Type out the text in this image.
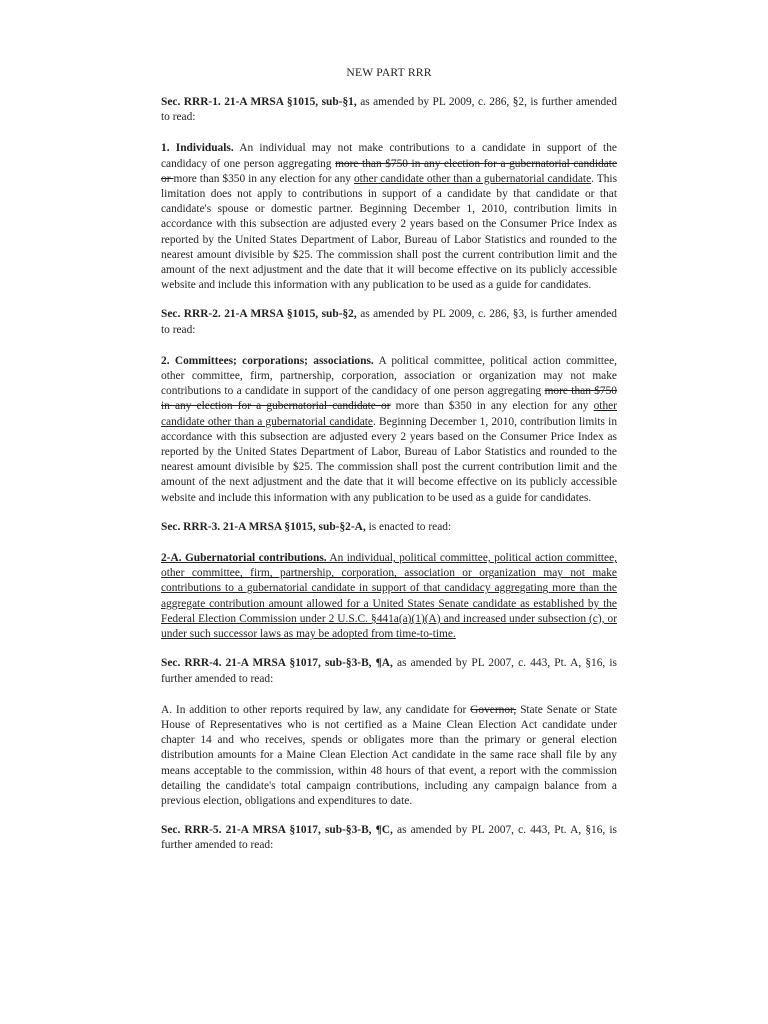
NEW PART RRR
Sec. RRR-1. 21-A MRSA §1015, sub-§1, as amended by PL 2009, c. 286, §2, is further amended to read:
1. Individuals. An individual may not make contributions to a candidate in support of the candidacy of one person aggregating more than $750 in any election for a gubernatorial candidate or more than $350 in any election for any other candidate other than a gubernatorial candidate. This limitation does not apply to contributions in support of a candidate by that candidate or that candidate's spouse or domestic partner. Beginning December 1, 2010, contribution limits in accordance with this subsection are adjusted every 2 years based on the Consumer Price Index as reported by the United States Department of Labor, Bureau of Labor Statistics and rounded to the nearest amount divisible by $25. The commission shall post the current contribution limit and the amount of the next adjustment and the date that it will become effective on its publicly accessible website and include this information with any publication to be used as a guide for candidates.
Sec. RRR-2. 21-A MRSA §1015, sub-§2, as amended by PL 2009, c. 286, §3, is further amended to read:
2. Committees; corporations; associations. A political committee, political action committee, other committee, firm, partnership, corporation, association or organization may not make contributions to a candidate in support of the candidacy of one person aggregating more than $750 in any election for a gubernatorial candidate or more than $350 in any election for any other candidate other than a gubernatorial candidate. Beginning December 1, 2010, contribution limits in accordance with this subsection are adjusted every 2 years based on the Consumer Price Index as reported by the United States Department of Labor, Bureau of Labor Statistics and rounded to the nearest amount divisible by $25. The commission shall post the current contribution limit and the amount of the next adjustment and the date that it will become effective on its publicly accessible website and include this information with any publication to be used as a guide for candidates.
Sec. RRR-3. 21-A MRSA §1015, sub-§2-A, is enacted to read:
2-A. Gubernatorial contributions. An individual, political committee, political action committee, other committee, firm, partnership, corporation, association or organization may not make contributions to a gubernatorial candidate in support of that candidacy aggregating more than the aggregate contribution amount allowed for a United States Senate candidate as established by the Federal Election Commission under 2 U.S.C. §441a(a)(1)(A) and increased under subsection (c), or under such successor laws as may be adopted from time-to-time.
Sec. RRR-4. 21-A MRSA §1017, sub-§3-B, ¶A, as amended by PL 2007, c. 443, Pt. A, §16, is further amended to read:
A. In addition to other reports required by law, any candidate for Governor, State Senate or State House of Representatives who is not certified as a Maine Clean Election Act candidate under chapter 14 and who receives, spends or obligates more than the primary or general election distribution amounts for a Maine Clean Election Act candidate in the same race shall file by any means acceptable to the commission, within 48 hours of that event, a report with the commission detailing the candidate's total campaign contributions, including any campaign balance from a previous election, obligations and expenditures to date.
Sec. RRR-5. 21-A MRSA §1017, sub-§3-B, ¶C, as amended by PL 2007, c. 443, Pt. A, §16, is further amended to read:
